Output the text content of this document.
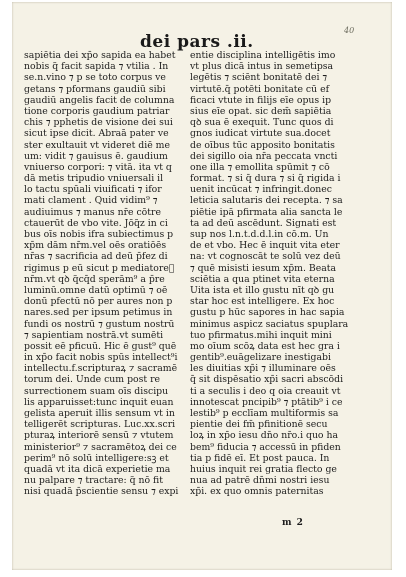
40
dei pars .ii.
sapiētia dei xp̄o sapida ea habet
nobis q̃ facit sapida ⁊ vtilia . In
se.n.vino ⁊ p se toto corpus ve
getans ⁊ pformans gaudiū sibi
gaudiū angelis facit de columna
tione corporis gaudium patriar
chis ⁊ pphetis de visione dei sui
sicut ipse dicit. Abraā pater ve
ster exultauit vt videret diē me
um: vidit ⁊ gauisus ē. gaudium
vniuerso corpori: ⁊ vitā. ita vt q
dā metis tripudio vniuersali il
lo tactu spūali viuificati ⁊ ifor
mati clament . Quid vidim⁹ ⁊
audiuimus ⁊ manus nr̄e cōtre
ctauerūt de vbo vite. Jōq̃z in ci
bus oīs nobis ifra subiectimus p
xp̄m dām nr̄m.vel oēs oratiōēs
nr̄as ⁊ sacrificia ad deū p̄fez di
rigimus p eū sicut p mediatoreᷓ
nr̄m.vt qꝺ q̃cq̄d sperām⁹ a p̄re
luminū.omne datū optimū ⁊ oē
donū pfectū nō per aures non p
nares.sed per ipsum petimus in
fundi os nostrū ⁊ gustum nostrū
⁊ sapientiam nostrā.vt sumēti
possit eē pficuū. Hic ē gust⁹ quē
in xp̄o facit nobis spūs intellect⁹i
intellectu.f.scripturaꝝ ⁊ sacramē
torum dei. Unde cum post re
surrectionem suam oīs discipu
lis apparuisset:tunc inquit euan
gelista aperuit illis sensum vt in
telligerēt scripturas. Luc.xx.scri
pturaꝝ interiorē sensū ⁊ vtutem
ministerior⁹ ⁊ sacramētoꝝ dei ce
perim⁹ nō solū intelligere:sꝫ et
quadā vt ita dicā experietie ma
nu palpare ⁊ tractare: q̃ nō fit
nisi quadā p̄scientie sensu ⁊ expi
entie disciplina intelligētis imo
vt plus dicā intus in semetipsa
legētis ⁊ sciēnt bonitatē dei ⁊
virtutē.q̄ potēti bonitate cū ef
ficaci vtute in filijs eīe opus ip
sius eīe opat. sic dem̄ sapiētia
qꝺ sua ē exequit. Tunc quos di
gnos iudicat virtute sua.docet
de oībus tūc apposito bonitatis
dei sigillo oia nr̄a peccata vncti
one illa ⁊ emollita spūmit ⁊ cō
format. ⁊ si q̄ dura ⁊ si q̄ rigida i
uenit incūcat ⁊ infringit.donec
leticia salutaris dei recepta. ⁊ sa
piētie ipā pfirmata alia sancta le
ta ad deū ascēdunt. Signati est
sup nos l.n.t.d.d.l.in cō.m. Un
de et vbo. Hec ē inquit vita eter
na: vt cognoscāt te solū vez deū
⁊ quē misisti iesum xp̄m. Beata
sciētia a qua ptinet vita eterna
Uita ista et illo gustu nīt qꝺ gu
star hoc est intelligere. Ex hoc
gustu p hūc sapores in hac sapia
minimus aspicz saciatus spuplara
tuo pfirmatus.mihi inquit mini
mo oīum scōꝝ data est hec gra i
gentib⁹.euāgelizare inestigabi
les diuitias xp̄i ⁊ illuminare oēs
q̄ sit dispēsatio xp̄i sacri abscōdi
ti a seculis i deo q oia creauit vt
innotescat pncipib⁹ ⁊ ptātib⁹ i ce
lestib⁹ p ecclīam multiformis sa
pientie dei fm̄ pfinitionē secu
loꝝ in xp̄o iesu dn̄o nr̄o.i quo ha
bem⁹ fiducia ⁊ accessū in pfiden
tia p fidē eī. Et post pauca. In
huius inquit rei gratia flecto ge
nua ad patrē dn̄mi nostri iesu
xp̄i. ex quo omnis paternitas
m 2
